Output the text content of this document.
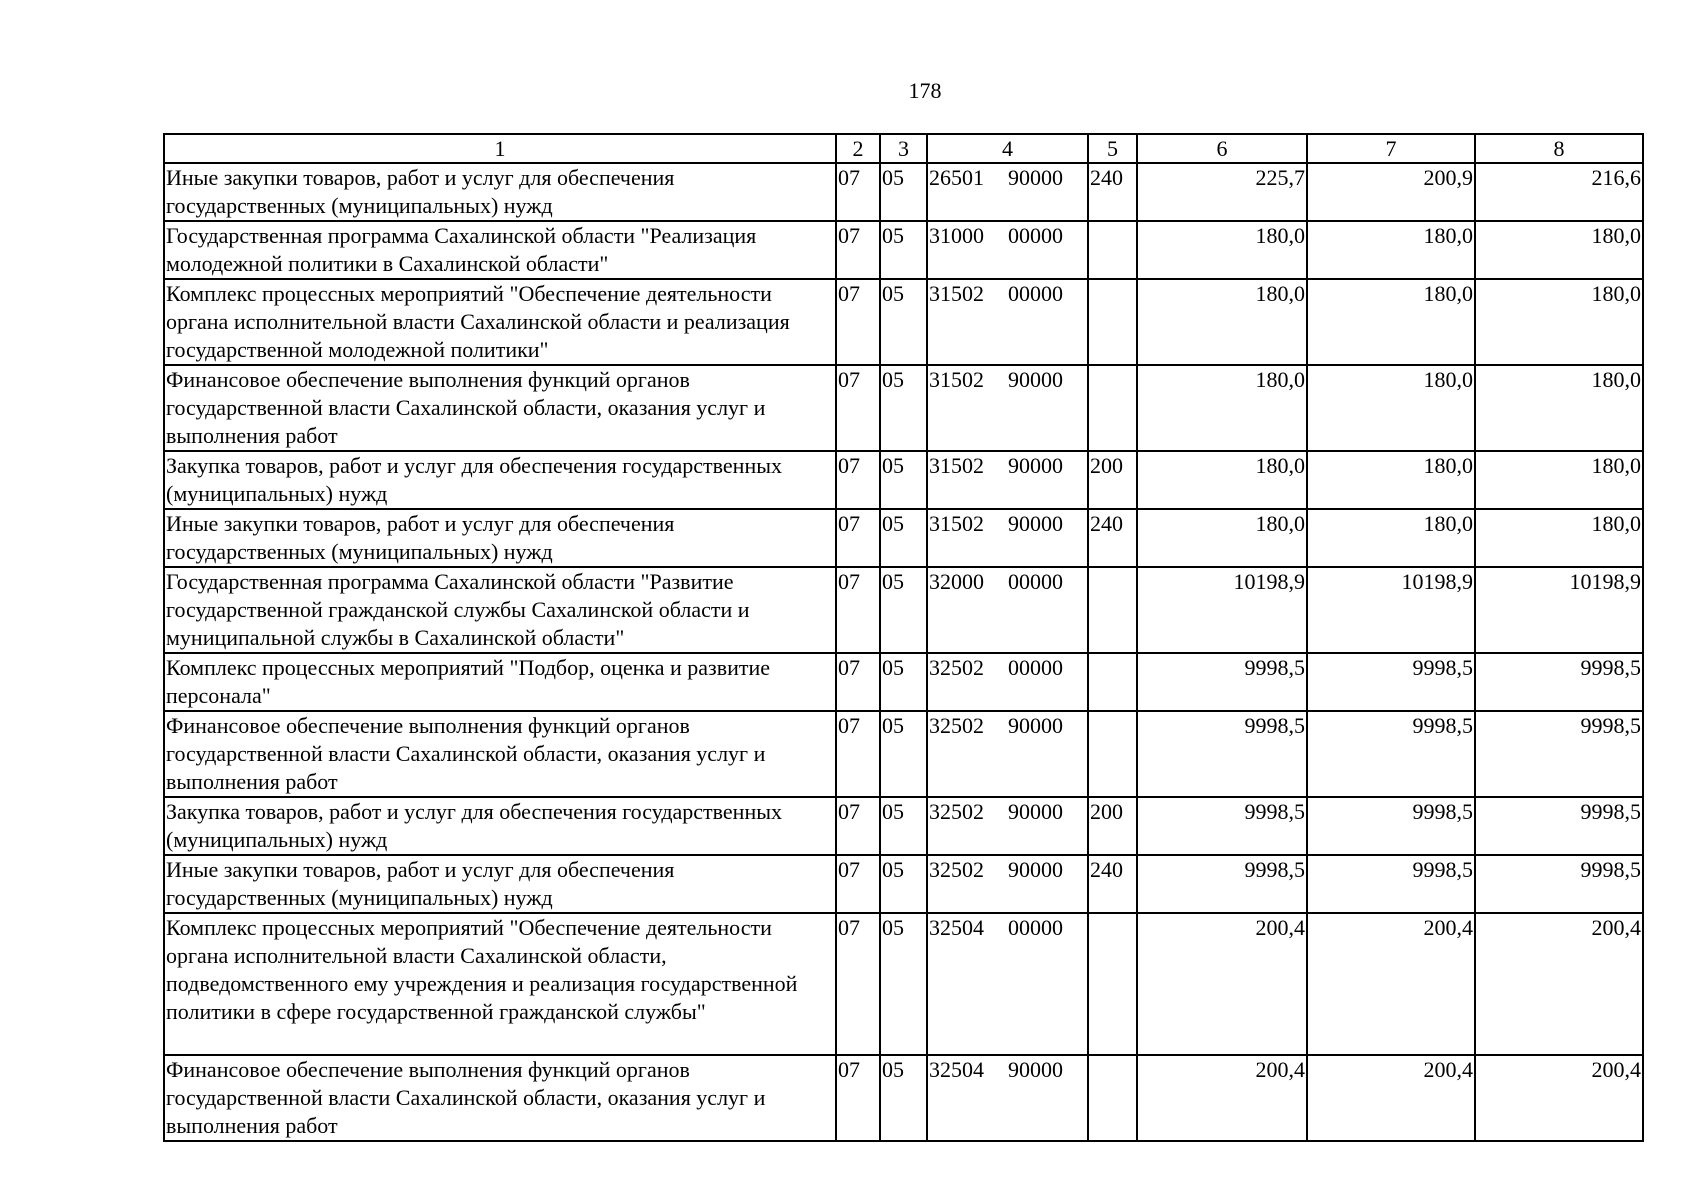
178
1	2	3	4	5	6	7	8
Иные закупки товаров, работ и услуг для обеспечения государственных (муниципальных) нужд	07	05	26501 90000	240	225,7	200,9	216,6
Государственная программа Сахалинской области "Реализация молодежной политики в Сахалинской области"	07	05	31000 00000		180,0	180,0	180,0
Комплекс процессных мероприятий "Обеспечение деятельности органа исполнительной власти Сахалинской области и реализация государственной молодежной политики"	07	05	31502 00000		180,0	180,0	180,0
Финансовое обеспечение выполнения функций органов государственной власти Сахалинской области, оказания услуг и выполнения работ	07	05	31502 90000		180,0	180,0	180,0
Закупка товаров, работ и услуг для обеспечения государственных (муниципальных) нужд	07	05	31502 90000	200	180,0	180,0	180,0
Иные закупки товаров, работ и услуг для обеспечения государственных (муниципальных) нужд	07	05	31502 90000	240	180,0	180,0	180,0
Государственная программа Сахалинской области "Развитие государственной гражданской службы Сахалинской области и муниципальной службы в Сахалинской области"	07	05	32000 00000		10198,9	10198,9	10198,9
Комплекс процессных мероприятий "Подбор, оценка и развитие персонала"	07	05	32502 00000		9998,5	9998,5	9998,5
Финансовое обеспечение выполнения функций органов государственной власти Сахалинской области, оказания услуг и выполнения работ	07	05	32502 90000		9998,5	9998,5	9998,5
Закупка товаров, работ и услуг для обеспечения государственных (муниципальных) нужд	07	05	32502 90000	200	9998,5	9998,5	9998,5
Иные закупки товаров, работ и услуг для обеспечения государственных (муниципальных) нужд	07	05	32502 90000	240	9998,5	9998,5	9998,5
Комплекс процессных мероприятий "Обеспечение деятельности органа исполнительной власти Сахалинской области, подведомственного ему учреждения и реализация государственной политики в сфере государственной гражданской службы"	07	05	32504 00000		200,4	200,4	200,4
Финансовое обеспечение выполнения функций органов государственной власти Сахалинской области, оказания услуг и выполнения работ	07	05	32504 90000		200,4	200,4	200,4
